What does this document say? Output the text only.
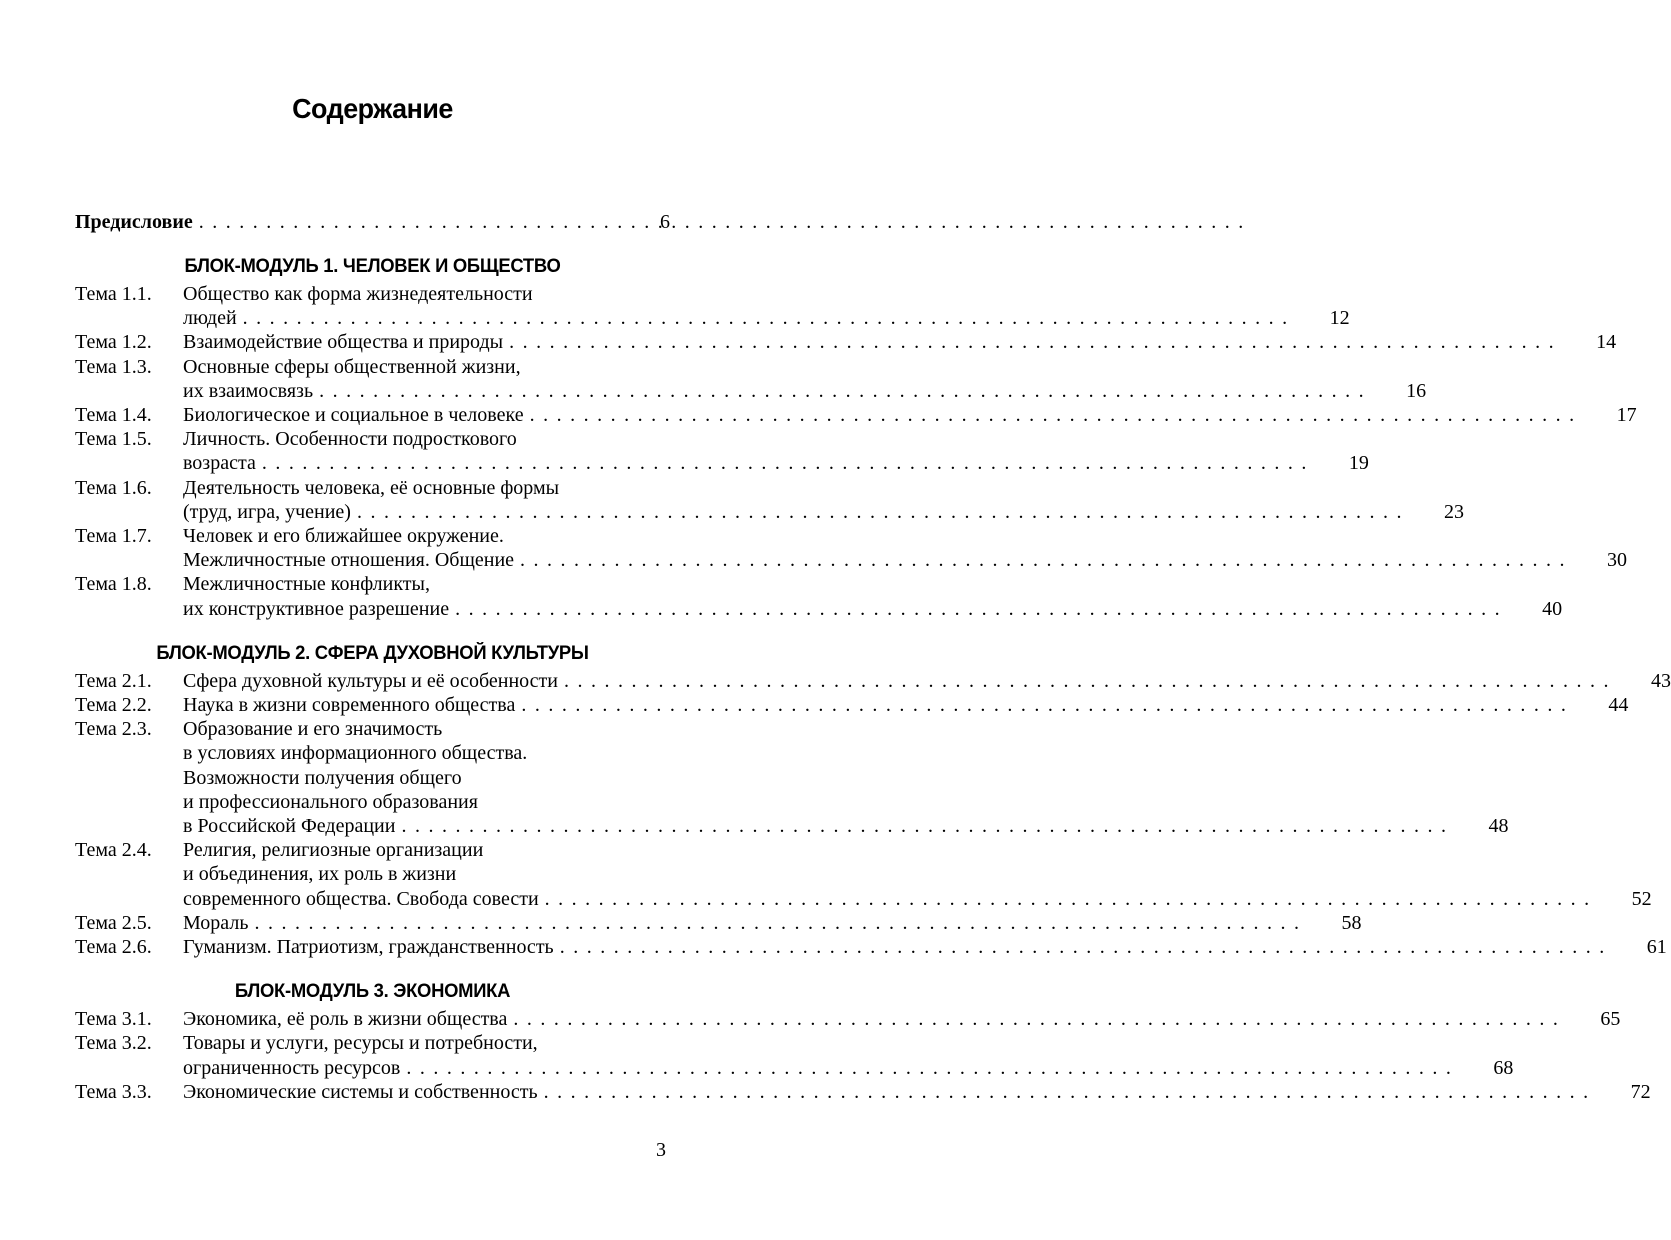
Содержание
Предисловие .....	6
БЛОК-МОДУЛЬ 1. ЧЕЛОВЕК И ОБЩЕСТВО
Тема 1.1.	Общество как форма жизнедеятельности
людей .....	12
Тема 1.2.	Взаимодействие общества и природы .....	14
Тема 1.3.	Основные сферы общественной жизни,
их взаимосвязь .....	16
Тема 1.4.	Биологическое и социальное в человеке .....	17
Тема 1.5.	Личность. Особенности подросткового
возраста .....	19
Тема 1.6.	Деятельность человека, её основные формы
(труд, игра, учение) .....	23
Тема 1.7.	Человек и его ближайшее окружение.
Межличностные отношения. Общение .....	30
Тема 1.8.	Межличностные конфликты,
их конструктивное разрешение .....	40
БЛОК-МОДУЛЬ 2. СФЕРА ДУХОВНОЙ КУЛЬТУРЫ
Тема 2.1.	Сфера духовной культуры и её особенности .....	43
Тема 2.2.	Наука в жизни современного общества .....	44
Тема 2.3.	Образование и его значимость
в условиях информационного общества.
Возможности получения общего
и профессионального образования
в Российской Федерации .....	48
Тема 2.4.	Религия, религиозные организации
и объединения, их роль в жизни
современного общества. Свобода совести .....	52
Тема 2.5.	Мораль .....	58
Тема 2.6.	Гуманизм. Патриотизм, гражданственность .....	61
БЛОК-МОДУЛЬ 3. ЭКОНОМИКА
Тема 3.1.	Экономика, её роль в жизни общества .....	65
Тема 3.2.	Товары и услуги, ресурсы и потребности,
ограниченность ресурсов .....	68
Тема 3.3.	Экономические системы и собственность .....	72
3
